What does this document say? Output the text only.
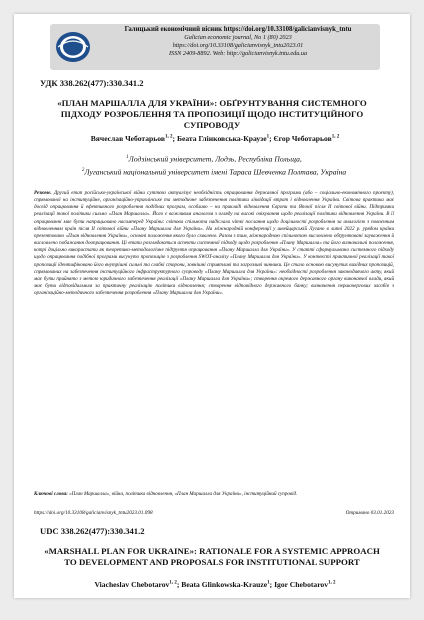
Галицький економічний вісник https://doi.org/10.33108/galicianvisnyk_tntu
Galician economic journal, No 1 (80) 2023
https://doi.org/10.33108/galicianvisnyk_tntu2023.01
ISSN 2409-8892. Web: http://galicianvisnyk.tntu.edu.ua
УДК 338.262(477):330.341.2
«ПЛАН МАРШАЛЛА ДЛЯ УКРАЇНИ»: ОБҐРУНТУВАННЯ СИСТЕМНОГО ПІДХОДУ РОЗРОБЛЕННЯ ТА ПРОПОЗИЦІЇ ЩОДО ІНСТИТУЦІЙНОГО СУПРОВОДУ
Вячеслав Чеботарьов$^{1, 2}$; Беата Глінковська-Краузе$^1$; Єгор Чеботарьов$^{1, 2}$
$^1$Лодзінський університет, Лодзь, Республіка Польща,
$^2$Луганський національний університет імені Тараса Шевченка Полтава, Україна
Резюме. Другий етап російсько-української війни суттєво актуалізує необхідність опрацювання державної програми (або – соціально-економічного проєкту), спрямованої на інституційне, організаційно-управлінське та методичне забезпечення політики ліквідації втрат і відновлення України. Світова практика має досвід опрацювання й ефективного розроблення подібних програм, особливо – на прикладі відновлення Європи та Японії після II світової війни. Підтримки реалізації такої політики сильно «План Маршалла». Його є важливим аналогом з огляду на високі очікування щодо реалізації політики відновлення України. В її опрацюванні має бути напрацьовано насамперед України: світова спільнота надіслала чіткі послання щодо доцільності розроблення за аналогією з повоєнним відновленням країн після II світової війни «Плану Маршалла для України». На міжнародній конференції у швейцарській Лугано в липні 2022 р. урядом країни презентовано «План відновлення України», основні положення якого було схвалено. Разом з тим, міжнародною спільнотою висловлено обґрунтовані зауваження й висловлено побажання доопрацювання. Ці етапи розглядаються аспекти системної підходу щодо розроблення «Плану Маршалла» та його визначальні положення, котрі доцільно використати як теоретико-методологічне підґрунтя опрацювання «Плану Маршалла для України». У статті сформульовано системного підходу щодо опрацювання подібної програми висунуто пропозицію з розроблення SWOT-аналізу «Плану Маршалла для України». У контексті практичної реалізації такої пропозиції ідентифіковано його внутрішні сильні та слабкі сторони, зовнішні сприятливі та загрозливі чинники. Це стало основою висунутих вихідних пропозицій, спрямованих на забезпечення інституційного інфраструктурного супроводу «Плану Маршалла для України»: необхідності розроблення законодавчого акту, який має бути прийнято з метою юридичного забезпечення реалізації «Плану Маршалла для України»; створення окремого державного органу виконавчої влади, який має бути відповідальним за практичну реалізацію політики відновлення; створення відповідного державного банку; визначення першочергових засобів з організаційно-методичного забезпечення розроблення «Плану Маршалла для України».
Ключові слова: «План Маршалла», війна, політика відновлення, «План Маршалла для України», інституційний супровід.
https://doi.org/10.33108/galicianvisnyk_tntu2023.01.098	Отримано 03.01.2023
UDC 338.262(477):330.341.2
«MARSHALL PLAN FOR UKRAINE»: RATIONALE FOR A SYSTEMIC APPROACH TO DEVELOPMENT AND PROPOSALS FOR INSTITUTIONAL SUPPORT
Viacheslav Chebotarov$^{1, 2}$; Beata Glinkowska-Krauze$^1$; Igor Chebotarov$^{1, 2}$
